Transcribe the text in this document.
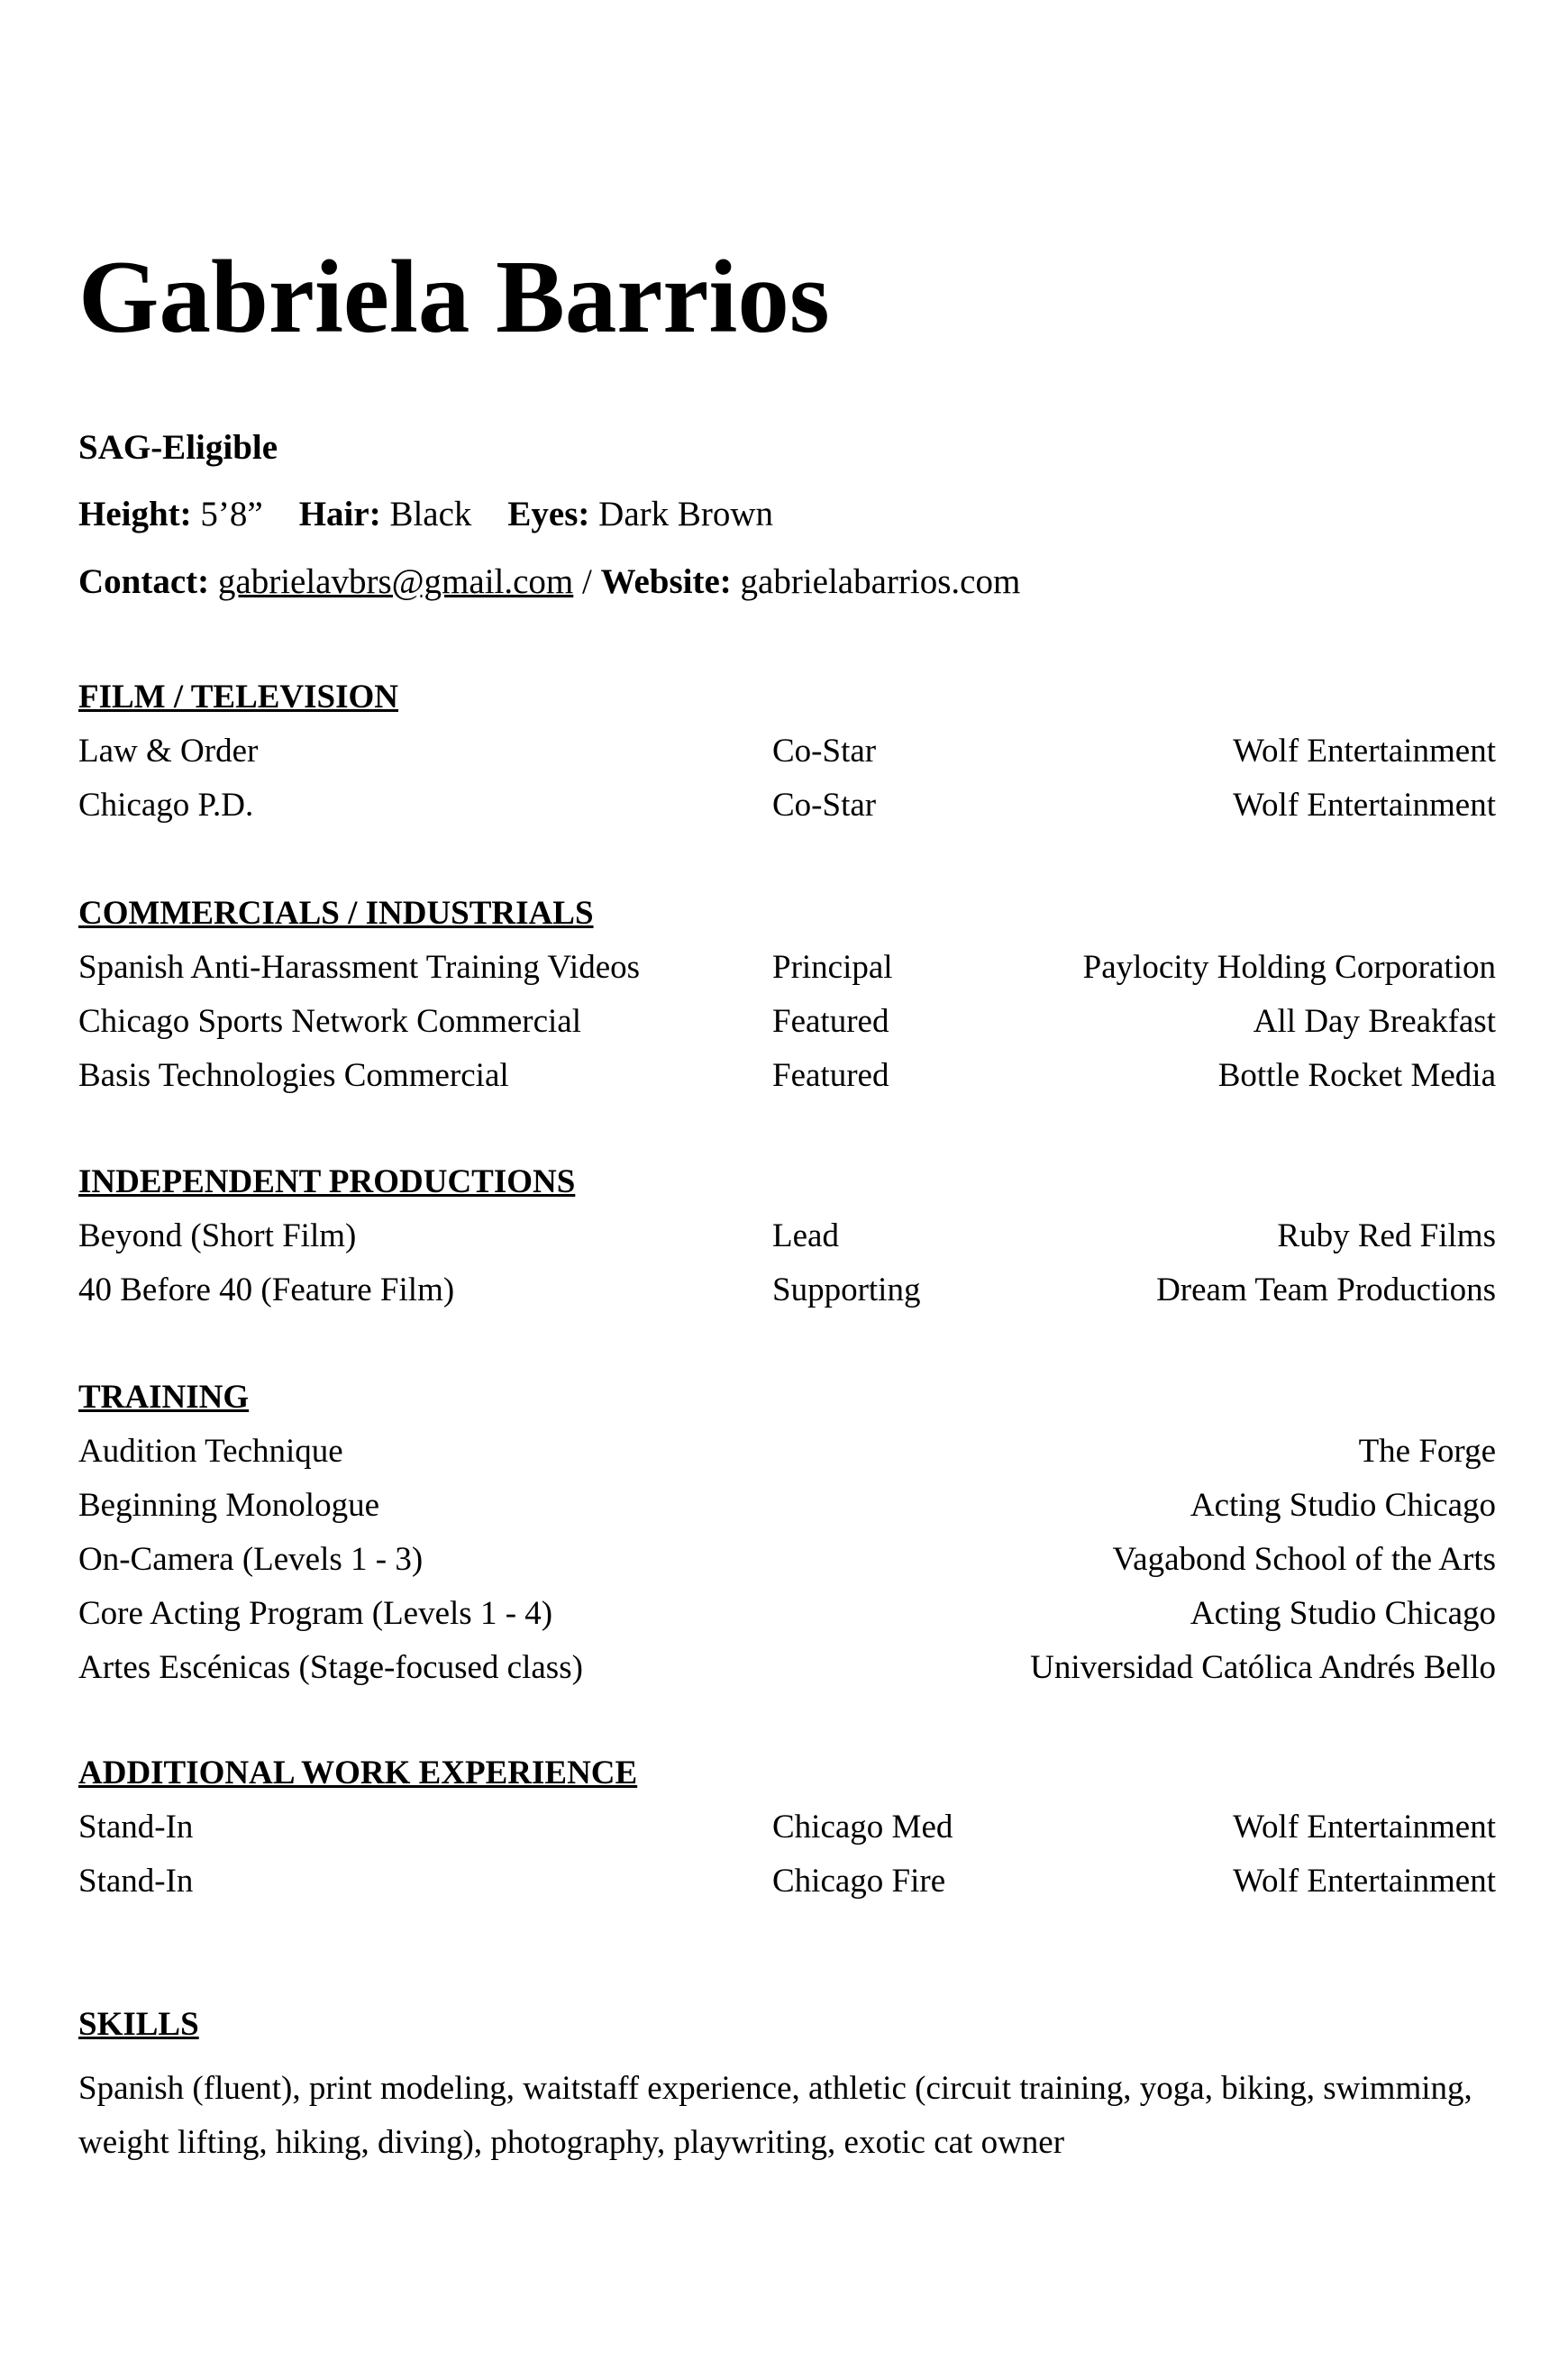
Gabriela Barrios
SAG-Eligible
Height: 5’8” Hair: Black Eyes: Dark Brown
Contact: gabrielavbrs@gmail.com / Website: gabrielabarrios.com
FILM / TELEVISION
Law & Order	Co-Star	Wolf Entertainment
Chicago P.D.	Co-Star	Wolf Entertainment
COMMERCIALS / INDUSTRIALS
Spanish Anti-Harassment Training Videos	Principal	Paylocity Holding Corporation
Chicago Sports Network Commercial	Featured	All Day Breakfast
Basis Technologies Commercial	Featured	Bottle Rocket Media
INDEPENDENT PRODUCTIONS
Beyond (Short Film)	Lead	Ruby Red Films
40 Before 40 (Feature Film)	Supporting	Dream Team Productions
TRAINING
Audition Technique	The Forge
Beginning Monologue	Acting Studio Chicago
On-Camera (Levels 1 - 3)	Vagabond School of the Arts
Core Acting Program (Levels 1 - 4)	Acting Studio Chicago
Artes Escénicas (Stage-focused class)	Universidad Católica Andrés Bello
ADDITIONAL WORK EXPERIENCE
Stand-In	Chicago Med	Wolf Entertainment
Stand-In	Chicago Fire	Wolf Entertainment
SKILLS

Spanish (fluent), print modeling, waitstaff experience, athletic (circuit training, yoga, biking, swimming, weight lifting, hiking, diving), photography, playwriting, exotic cat owner
